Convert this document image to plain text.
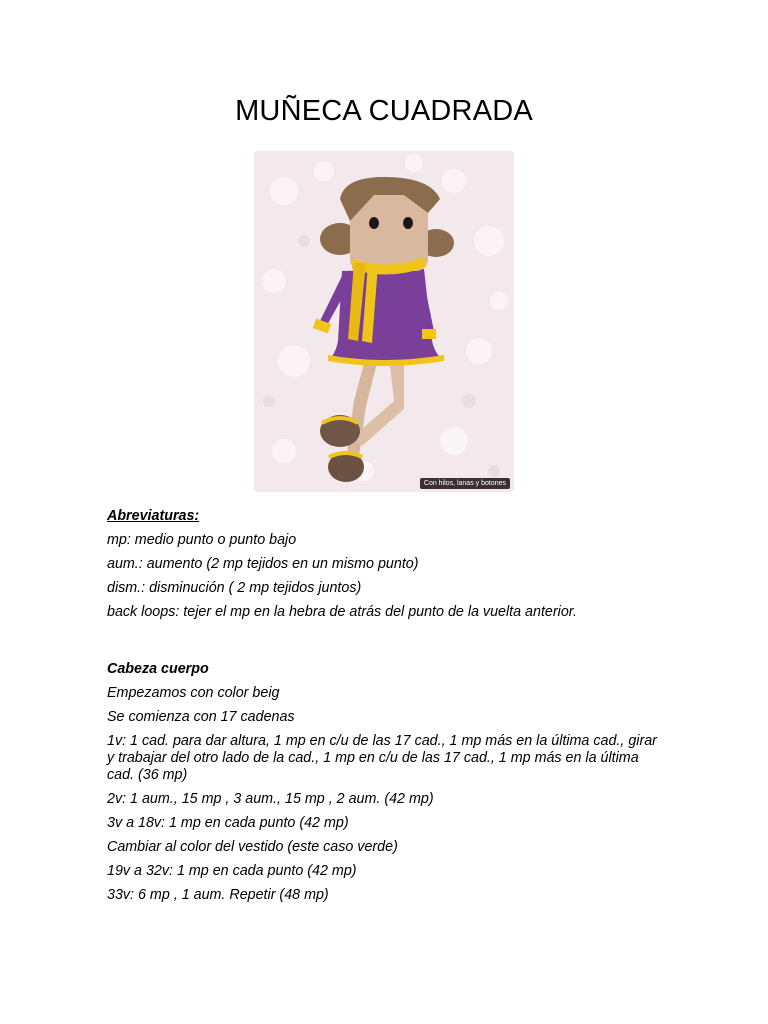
MUÑECA CUADRADA
Con hilos, lanas y botones

Abreviaturas:

mp: medio punto o punto bajo

aum.: aumento (2 mp tejidos en un mismo punto)

dism.: disminución ( 2 mp tejidos juntos)

back loops: tejer el mp en la hebra de atrás del punto de la vuelta anterior.

Cabeza cuerpo

Empezamos con color beig

Se comienza con 17 cadenas

1v: 1 cad. para dar altura, 1 mp en c/u de las 17 cad., 1 mp más en la última cad., girar y trabajar del otro lado de la cad., 1 mp en c/u de las 17 cad., 1 mp más en la última cad. (36 mp)

2v: 1 aum., 15 mp , 3 aum., 15 mp , 2 aum. (42 mp)

3v a 18v: 1 mp en cada punto (42 mp)

Cambiar al color del vestido (este caso verde)

19v a 32v: 1 mp en cada punto (42 mp)

33v: 6 mp , 1 aum. Repetir (48 mp)
